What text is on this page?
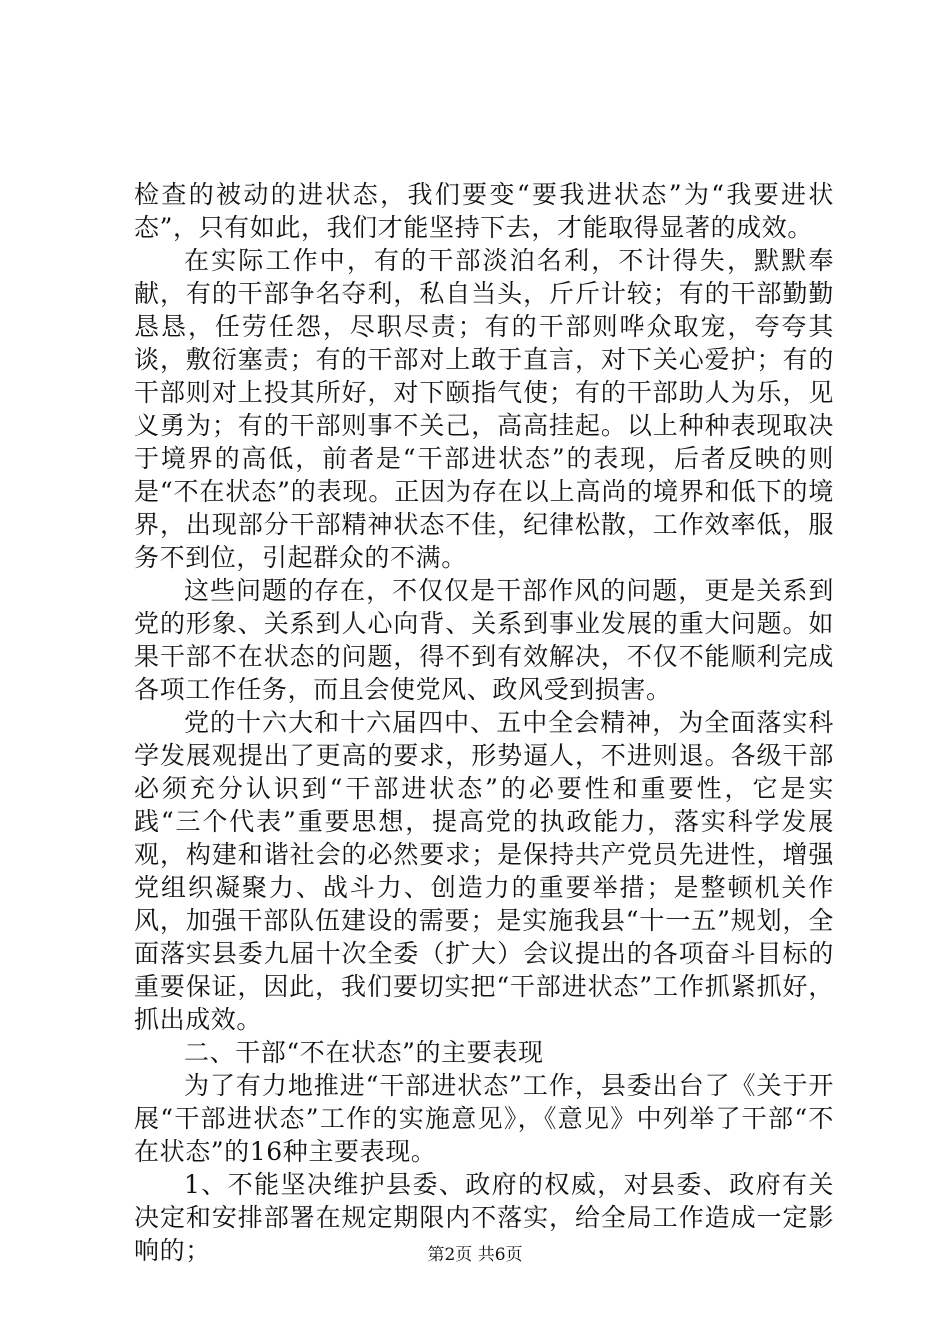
检查的被动的进状态，我们要变“要我进状态”为“我要进状态”，只有如此，我们才能坚持下去，才能取得显著的成效。

在实际工作中，有的干部淡泊名利，不计得失，默默奉献，有的干部争名夺利，私自当头，斤斤计较；有的干部勤勤恳恳，任劳任怨，尽职尽责；有的干部则哗众取宠，夸夸其谈，敷衍塞责；有的干部对上敢于直言，对下关心爱护；有的干部则对上投其所好，对下颐指气使；有的干部助人为乐，见义勇为；有的干部则事不关己，高高挂起。以上种种表现取决于境界的高低，前者是“干部进状态”的表现，后者反映的则是“不在状态”的表现。正因为存在以上高尚的境界和低下的境界，出现部分干部精神状态不佳，纪律松散，工作效率低，服务不到位，引起群众的不满。

这些问题的存在，不仅仅是干部作风的问题，更是关系到党的形象、关系到人心向背、关系到事业发展的重大问题。如果干部不在状态的问题，得不到有效解决，不仅不能顺利完成各项工作任务，而且会使党风、政风受到损害。

党的十六大和十六届四中、五中全会精神，为全面落实科学发展观提出了更高的要求，形势逼人，不进则退。各级干部必须充分认识到“干部进状态”的必要性和重要性，它是实践“三个代表”重要思想，提高党的执政能力，落实科学发展观，构建和谐社会的必然要求；是保持共产党员先进性，增强党组织凝聚力、战斗力、创造力的重要举措；是整顿机关作风，加强干部队伍建设的需要；是实施我县“十一五”规划，全面落实县委九届十次全委（扩大）会议提出的各项奋斗目标的重要保证，因此，我们要切实把“干部进状态”工作抓紧抓好，抓出成效。

二、干部“不在状态”的主要表现

为了有力地推进“干部进状态”工作，县委出台了《关于开展“干部进状态”工作的实施意见》，《意见》中列举了干部“不在状态”的16种主要表现。

1、不能坚决维护县委、政府的权威，对县委、政府有关决定和安排部署在规定期限内不落实，给全局工作造成一定影响的；	第2页 共6页
